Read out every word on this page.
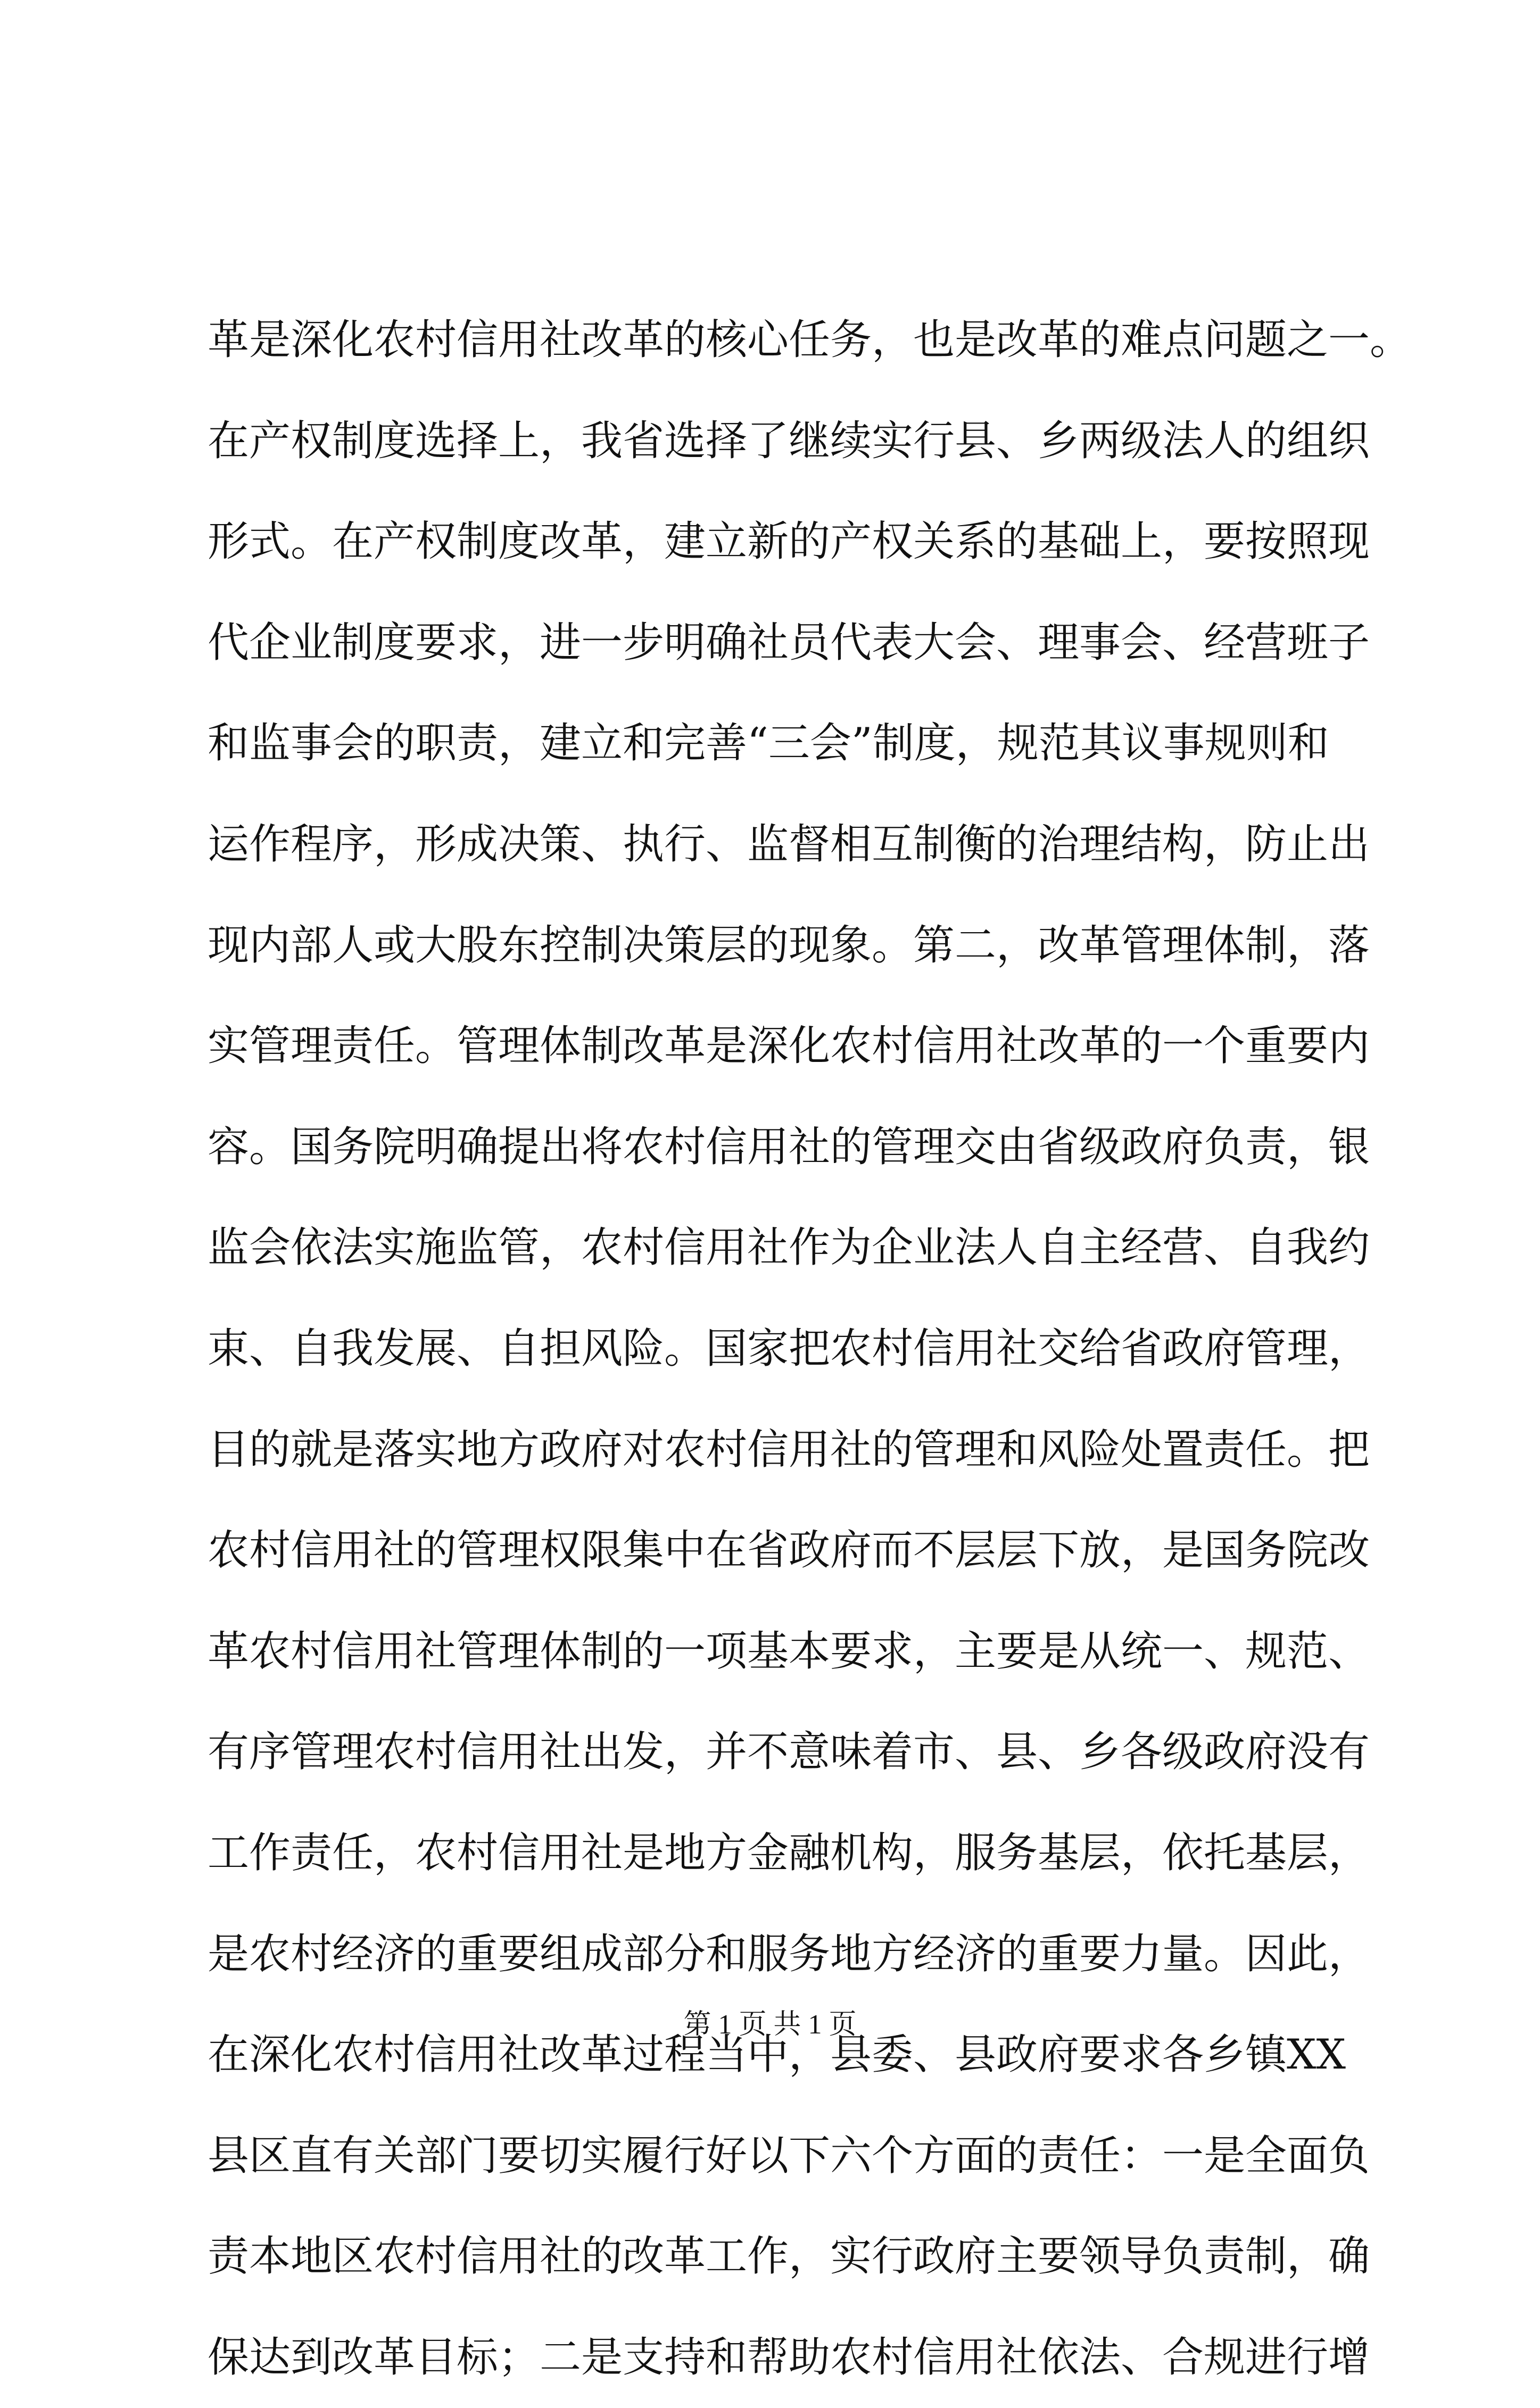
革是深化农村信用社改革的核心任务，也是改革的难点问题之一。
在产权制度选择上，我省选择了继续实行县、乡两级法人的组织
形式。在产权制度改革，建立新的产权关系的基础上，要按照现
代企业制度要求，进一步明确社员代表大会、理事会、经营班子
和监事会的职责，建立和完善“三会”制度，规范其议事规则和
运作程序，形成决策、执行、监督相互制衡的治理结构，防止出
现内部人或大股东控制决策层的现象。第二，改革管理体制，落
实管理责任。管理体制改革是深化农村信用社改革的一个重要内
容。国务院明确提出将农村信用社的管理交由省级政府负责，银
监会依法实施监管，农村信用社作为企业法人自主经营、自我约
束、自我发展、自担风险。国家把农村信用社交给省政府管理，
目的就是落实地方政府对农村信用社的管理和风险处置责任。把
农村信用社的管理权限集中在省政府而不层层下放，是国务院改
革农村信用社管理体制的一项基本要求，主要是从统一、规范、
有序管理农村信用社出发，并不意味着市、县、乡各级政府没有
工作责任，农村信用社是地方金融机构，服务基层，依托基层，
是农村经济的重要组成部分和服务地方经济的重要力量。因此，
在深化农村信用社改革过程当中，县委、县政府要求各乡镇XX
县区直有关部门要切实履行好以下六个方面的责任：一是全面负
责本地区农村信用社的改革工作，实行政府主要领导负责制，确
保达到改革目标；二是支持和帮助农村信用社依法、合规进行增
第 1 页 共 1 页
